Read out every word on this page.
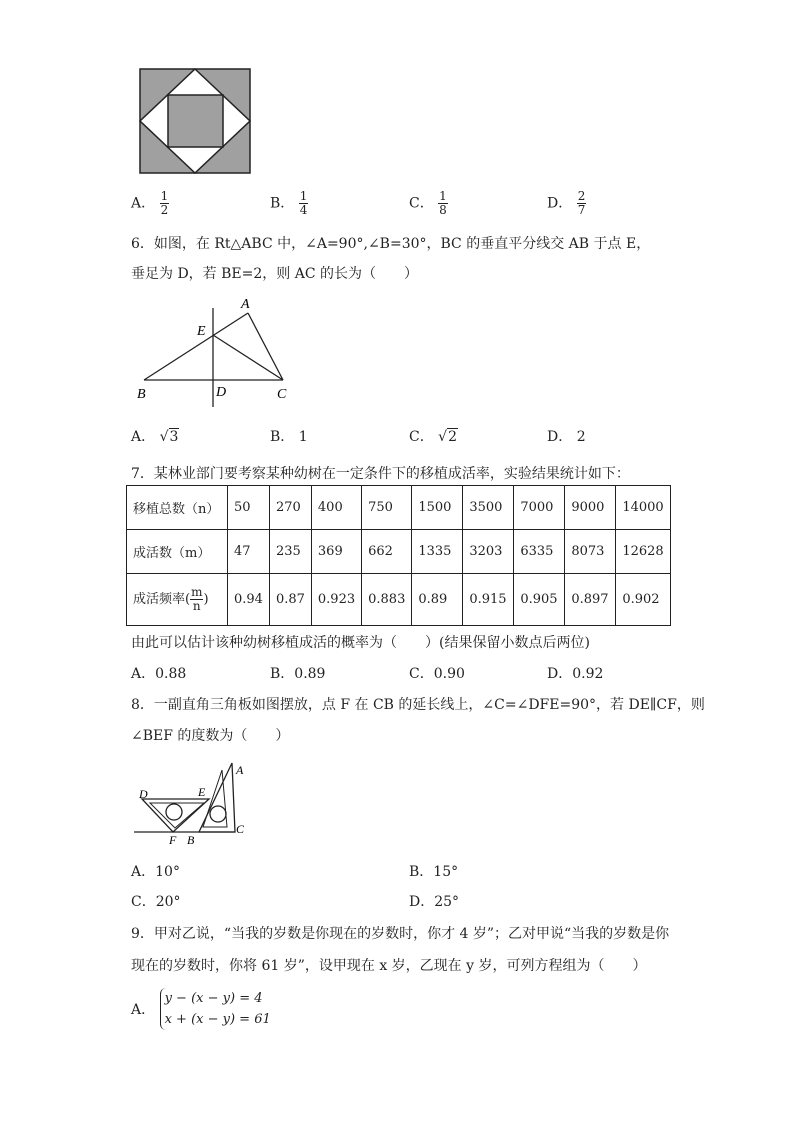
A． $\frac{1}{2}$	B． $\frac{1}{4}$	C． $\frac{1}{8}$	D． $\frac{2}{7}$
6．如图，在 Rt△ABC 中，∠A=90°,∠B=30°，BC 的垂直平分线交 AB 于点 E，
垂足为 D，若 BE=2，则 AC 的长为（　　）
A
E
B	D	C
A． √3	B． 1	C． √2	D． 2
7．某林业部门要考察某种幼树在一定条件下的移植成活率，实验结果统计如下：
移植总数（n）	50	270	400	750	1500	3500	7000	9000	14000
成活数（m）	47	235	369	662	1335	3203	6335	8073	12628
成活频率( $\frac{m}{n}$ )	0.94	0.87	0.923	0.883	0.89	0.915	0.905	0.897	0.902
由此可以估计该种幼树移植成活的概率为（　　）(结果保留小数点后两位)
A．0.88	B．0.89	C．0.90	D．0.92
8．一副直角三角板如图摆放，点 F 在 CB 的延长线上，∠C=∠DFE=90°，若 DE∥CF，则
∠BEF 的度数为（　　）
A
D	E
C
F B
A．10°	B．15°
C．20°	D．25°
9．甲对乙说，“当我的岁数是你现在的岁数时，你才 4 岁”；乙对甲说“当我的岁数是你
现在的岁数时，你将 61 岁”，设甲现在 x 岁，乙现在 y 岁，可列方程组为（　　）
A．
y − (x − y) = 4
x + (x − y) = 61
